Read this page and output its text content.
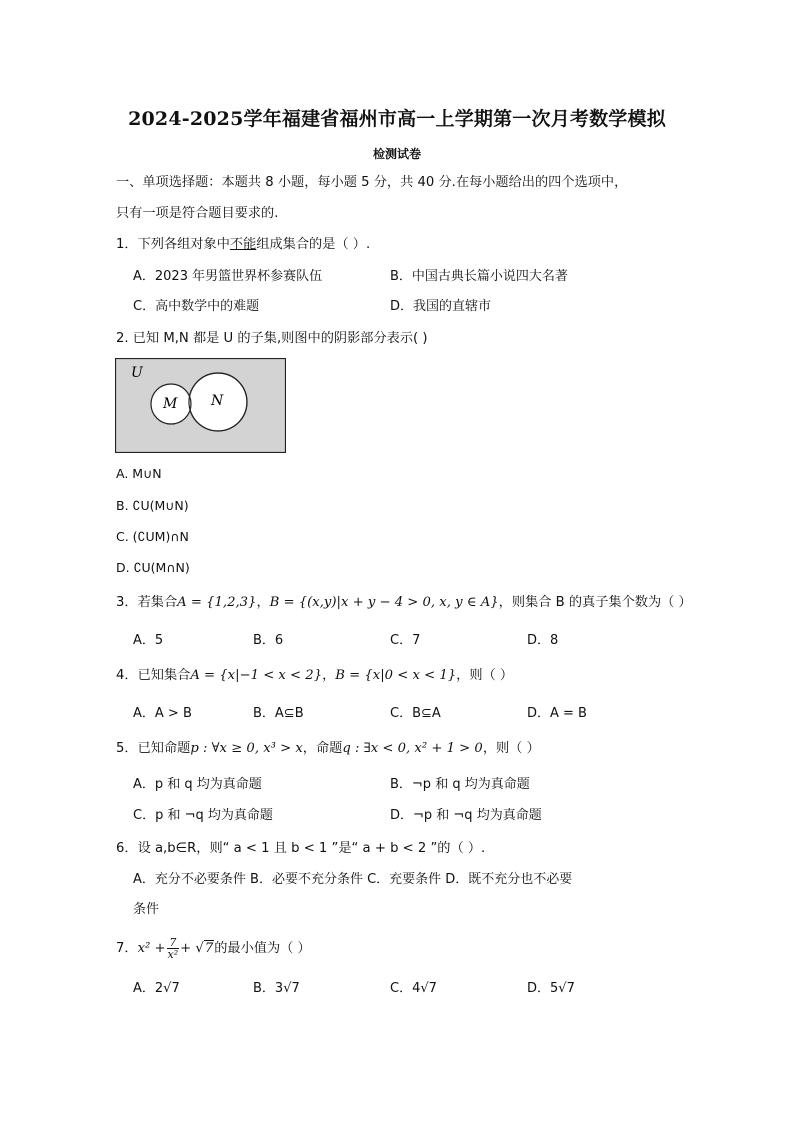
2024-2025学年福建省福州市高一上学期第一次月考数学模拟
检测试卷
一、单项选择题：本题共 8 小题，每小题 5 分，共 40 分.在每小题给出的四个选项中，
只有一项是符合题目要求的.
1．下列各组对象中不能组成集合的是（ ）.
A．2023 年男篮世界杯参赛队伍	B．中国古典长篇小说四大名著
C．高中数学中的难题	D．我国的直辖市
2. 已知 M,N 都是 U 的子集,则图中的阴影部分表示( )
U
M N
A. M∪N
B. ∁U(M∪N)
C. (∁UM)∩N
D. ∁U(M∩N)
3．若集合A = {1,2,3}，B = {(x,y)|x + y − 4 > 0, x, y ∈ A}，则集合 B 的真子集个数为（ ）
A．5	B．6	C．7	D．8
4．已知集合A = {x|−1 < x < 2}，B = {x|0 < x < 1}，则（ ）
A．A > B	B．A⊆B	C．B⊆A	D．A = B
5．已知命题p : ∀x ≥ 0, x³ > x，命题q : ∃x < 0, x² + 1 > 0，则（ ）
A．p 和 q 均为真命题	B．¬p 和 q 均为真命题
C．p 和 ¬q 均为真命题	D．¬p 和 ¬q 均为真命题
6．设 a,b∈R，则“ a < 1 且 b < 1 ”是“ a + b < 2 ”的（ ）.
A．充分不必要条件 B．必要不充分条件 C．充要条件 D．既不充分也不必要
条件
7．$x^2 + \frac{7}{\text{x²}} + √7$的最小值为（ ）
A．2√7	B．3√7	C．4√7	D．5√7
